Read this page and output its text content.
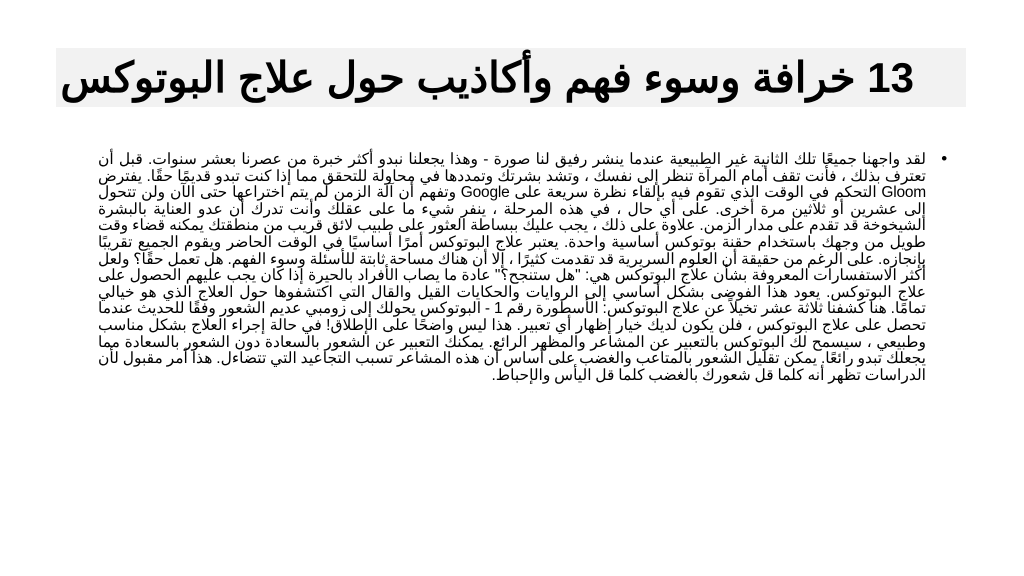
13 خرافة وسوء فهم وأكاذيب حول علاج البوتوكس
•
لقد واجهنا جميعًا تلك الثانية غير الطبيعية عندما ينشر رفيق لنا صورة - وهذا يجعلنا نبدو أكثر خبرة من عصرنا بعشر سنوات. قبل أن تعترف بذلك ، فأنت تقف أمام المرآة تنظر إلى نفسك ، وتشد بشرتك وتمددها في محاولة للتحقق مما إذا كنت تبدو قديمًا حقًا. يفترض Gloom التحكم في الوقت الذي تقوم فيه بإلقاء نظرة سريعة على Google وتفهم أن آلة الزمن لم يتم اختراعها حتى الآن ولن تتحول إلى عشرين أو ثلاثين مرة أخرى. على أي حال ، في هذه المرحلة ، ينفر شيء ما على عقلك وأنت تدرك أن عدو العناية بالبشرة الشيخوخة قد تقدم على مدار الزمن. علاوة على ذلك ، يجب عليك ببساطة العثور على طبيب لائق قريب من منطقتك يمكنه قضاء وقت طويل من وجهك باستخدام حقنة بوتوكس أساسية واحدة. يعتبر علاج البوتوكس أمرًا أساسيًا في الوقت الحاضر ويقوم الجميع تقريبًا بإنجازه. على الرغم من حقيقة أن العلوم السريرية قد تقدمت كثيرًا ، إلا أن هناك مساحة ثابتة للأسئلة وسوء الفهم. هل تعمل حقًا؟ ولعل أكثر الاستفسارات المعروفة بشأن علاج البوتوكس هي: "هل ستنجح؟" عادة ما يصاب الأفراد بالحيرة إذا كان يجب عليهم الحصول على علاج البوتوكس. يعود هذا الفوضى بشكل أساسي إلى الروايات والحكايات القيل والقال التي اكتشفوها حول العلاج الذي هو خيالي تمامًا. هنا كشفنا ثلاثة عشر تخيلاً عن علاج البوتوكس: الأسطورة رقم 1 - البوتوكس يحولك إلى زومبي عديم الشعور وفقًا للحديث عندما تحصل على علاج البوتوكس ، فلن يكون لديك خيار إظهار أي تعبير. هذا ليس واضحًا على الإطلاق! في حالة إجراء العلاج بشكل مناسب وطبيعي ، سيسمح لك البوتوكس بالتعبير عن المشاعر والمظهر الرائع. يمكنك التعبير عن الشعور بالسعادة دون الشعور بالسعادة مما يجعلك تبدو رائعًا. يمكن تقليل الشعور بالمتاعب والغضب على أساس أن هذه المشاعر تسبب التجاعيد التي تتضاءل. هذا أمر مقبول لأن الدراسات تظهر أنه كلما قل شعورك بالغضب كلما قل اليأس والإحباط.
